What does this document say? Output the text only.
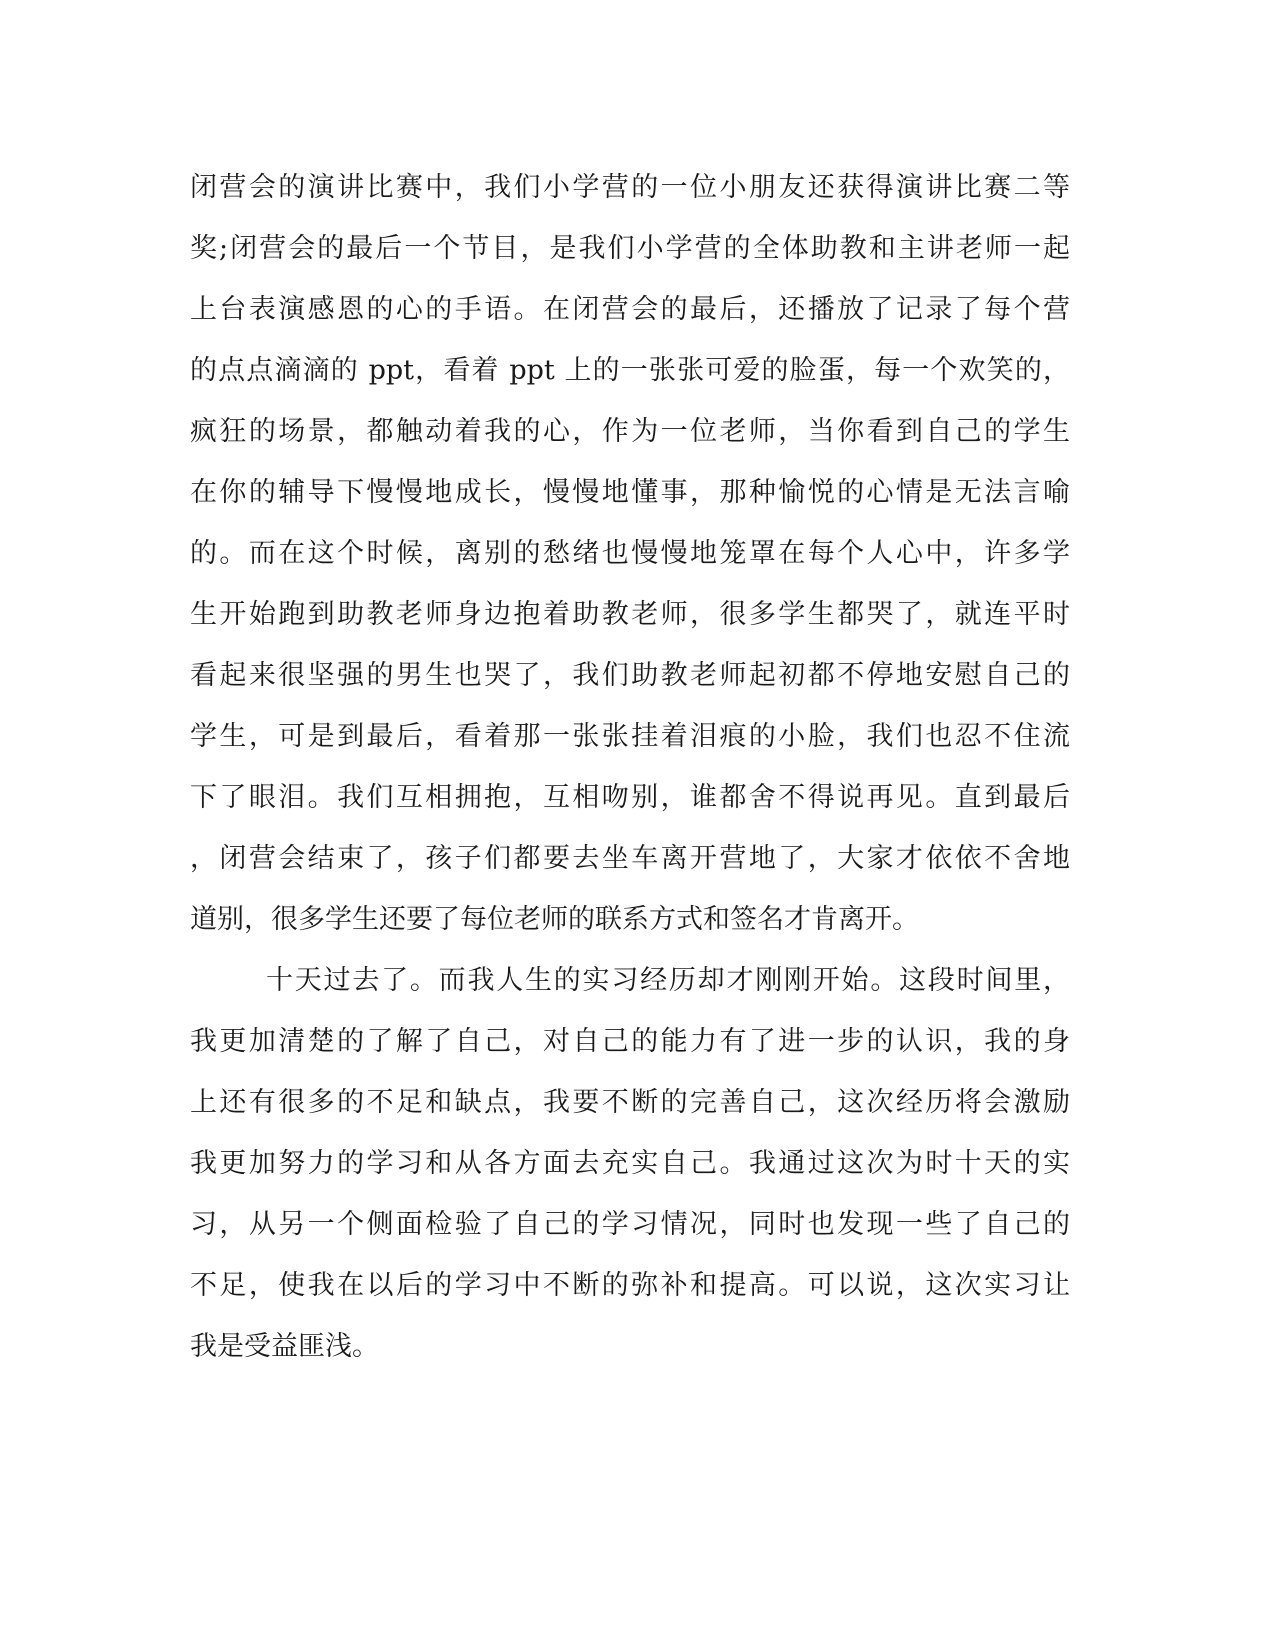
闭营会的演讲比赛中，我们小学营的一位小朋友还获得演讲比赛二等
奖;闭营会的最后一个节目，是我们小学营的全体助教和主讲老师一起
上台表演感恩的心的手语。在闭营会的最后，还播放了记录了每个营
的点点滴滴的 ppt，看着 ppt 上的一张张可爱的脸蛋，每一个欢笑的，
疯狂的场景，都触动着我的心，作为一位老师，当你看到自己的学生
在你的辅导下慢慢地成长，慢慢地懂事，那种愉悦的心情是无法言喻
的。而在这个时候，离别的愁绪也慢慢地笼罩在每个人心中，许多学
生开始跑到助教老师身边抱着助教老师，很多学生都哭了，就连平时
看起来很坚强的男生也哭了，我们助教老师起初都不停地安慰自己的
学生，可是到最后，看着那一张张挂着泪痕的小脸，我们也忍不住流
下了眼泪。我们互相拥抱，互相吻别，谁都舍不得说再见。直到最后
，闭营会结束了，孩子们都要去坐车离开营地了，大家才依依不舍地
道别，很多学生还要了每位老师的联系方式和签名才肯离开。
十天过去了。而我人生的实习经历却才刚刚开始。这段时间里，
我更加清楚的了解了自己，对自己的能力有了进一步的认识，我的身
上还有很多的不足和缺点，我要不断的完善自己，这次经历将会激励
我更加努力的学习和从各方面去充实自己。我通过这次为时十天的实
习，从另一个侧面检验了自己的学习情况，同时也发现一些了自己的
不足，使我在以后的学习中不断的弥补和提高。可以说，这次实习让
我是受益匪浅。
